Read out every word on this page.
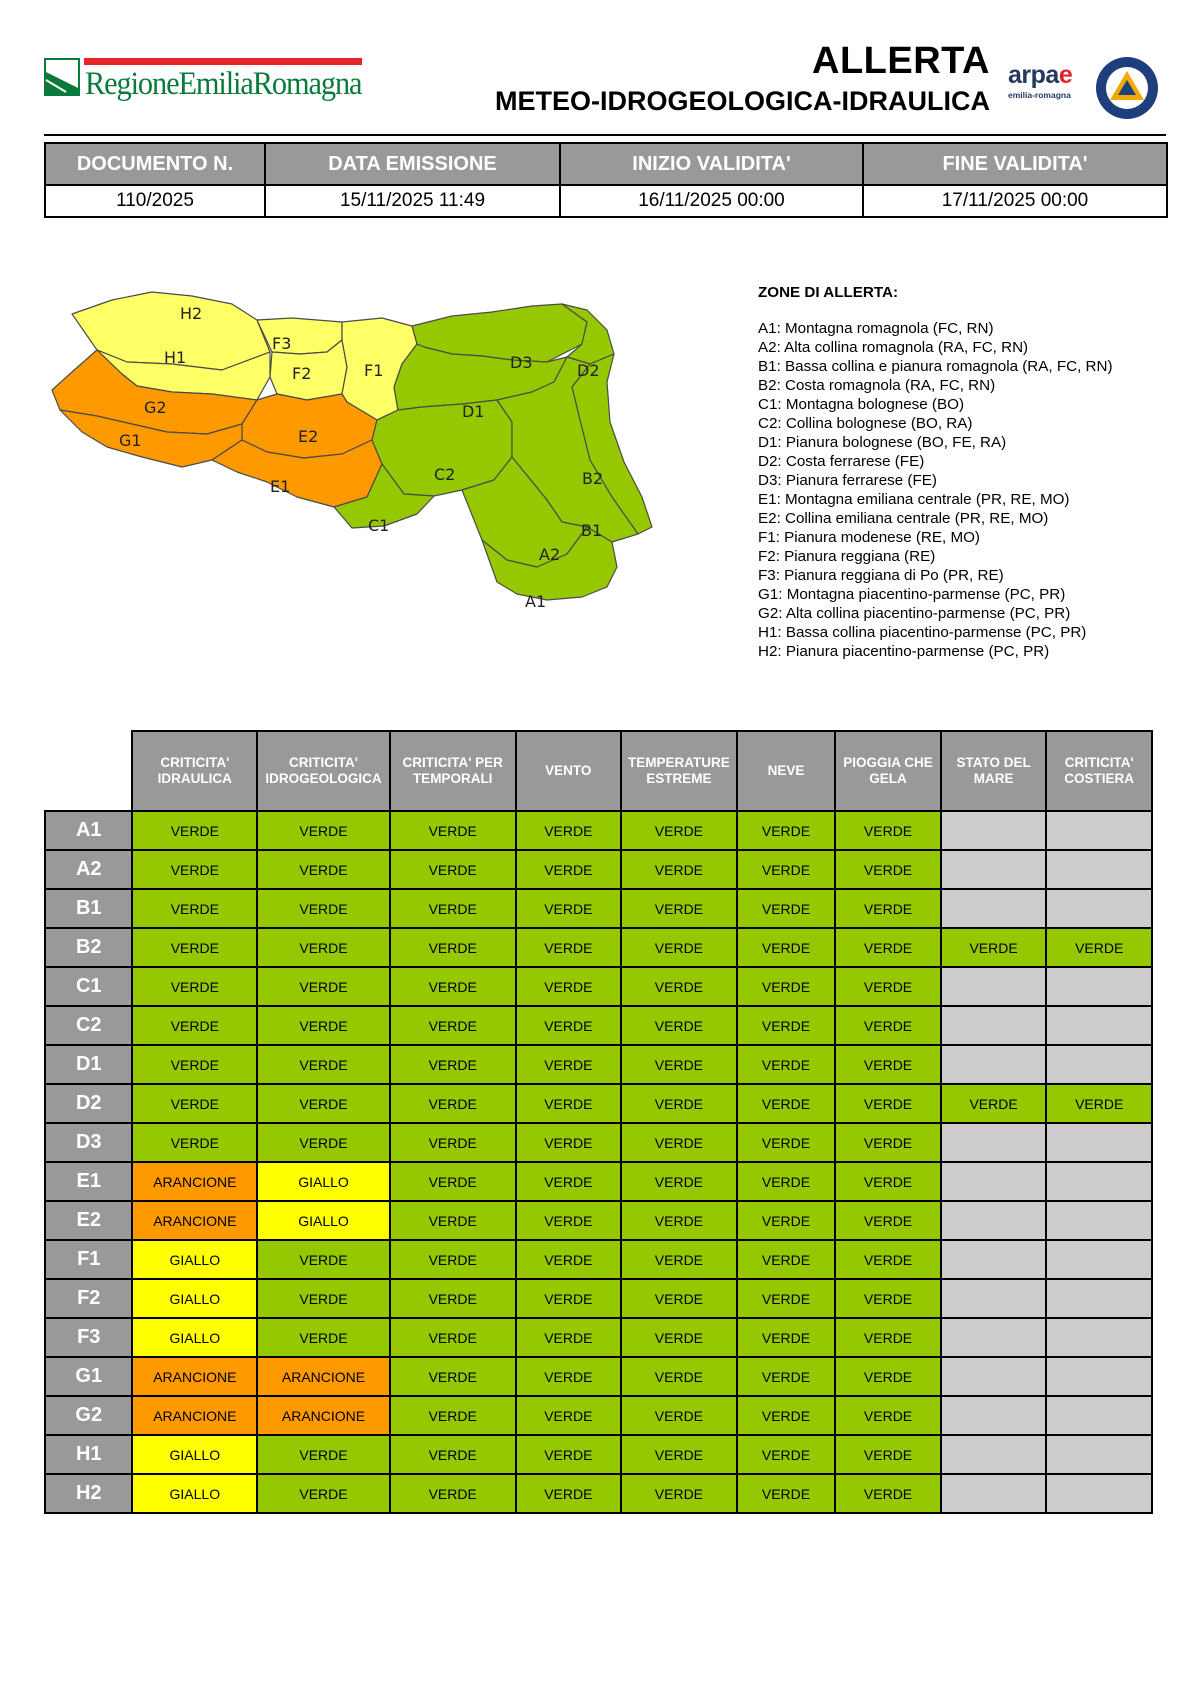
RegioneEmiliaRomagna
ALLERTA
METEO-IDROGEOLOGICA-IDRAULICA
arpae
emilia-romagna
DOCUMENTO N.	DATA EMISSIONE	INIZIO VALIDITA'	FINE VALIDITA'
110/2025	15/11/2025 11:49	16/11/2025 00:00	17/11/2025 00:00
H2
H1
G2
G1
F3
F2	F1
E2
E1
D3	D2
D1
C2
C1
B2
B1
A2
A1
ZONE DI ALLERTA:
A1: Montagna romagnola (FC, RN)
A2: Alta collina romagnola (RA, FC, RN)
B1: Bassa collina e pianura romagnola (RA, FC, RN)
B2: Costa romagnola (RA, FC, RN)
C1: Montagna bolognese (BO)
C2: Collina bolognese (BO, RA)
D1: Pianura bolognese (BO, FE, RA)
D2: Costa ferrarese (FE)
D3: Pianura ferrarese (FE)
E1: Montagna emiliana centrale (PR, RE, MO)
E2: Collina emiliana centrale (PR, RE, MO)
F1: Pianura modenese (RE, MO)
F2: Pianura reggiana (RE)
F3: Pianura reggiana di Po (PR, RE)
G1: Montagna piacentino-parmense (PC, PR)
G2: Alta collina piacentino-parmense (PC, PR)
H1: Bassa collina piacentino-parmense (PC, PR)
H2: Pianura piacentino-parmense (PC, PR)
	CRITICITA' IDRAULICA	CRITICITA' IDROGEOLOGICA	CRITICITA' PER TEMPORALI	VENTO	TEMPERATURE ESTREME	NEVE	PIOGGIA CHE GELA	STATO DEL MARE	CRITICITA' COSTIERA
A1	VERDE	VERDE	VERDE	VERDE	VERDE	VERDE	VERDE		
A2	VERDE	VERDE	VERDE	VERDE	VERDE	VERDE	VERDE		
B1	VERDE	VERDE	VERDE	VERDE	VERDE	VERDE	VERDE		
B2	VERDE	VERDE	VERDE	VERDE	VERDE	VERDE	VERDE	VERDE	VERDE
C1	VERDE	VERDE	VERDE	VERDE	VERDE	VERDE	VERDE		
C2	VERDE	VERDE	VERDE	VERDE	VERDE	VERDE	VERDE		
D1	VERDE	VERDE	VERDE	VERDE	VERDE	VERDE	VERDE		
D2	VERDE	VERDE	VERDE	VERDE	VERDE	VERDE	VERDE	VERDE	VERDE
D3	VERDE	VERDE	VERDE	VERDE	VERDE	VERDE	VERDE		
E1	ARANCIONE	GIALLO	VERDE	VERDE	VERDE	VERDE	VERDE		
E2	ARANCIONE	GIALLO	VERDE	VERDE	VERDE	VERDE	VERDE		
F1	GIALLO	VERDE	VERDE	VERDE	VERDE	VERDE	VERDE		
F2	GIALLO	VERDE	VERDE	VERDE	VERDE	VERDE	VERDE		
F3	GIALLO	VERDE	VERDE	VERDE	VERDE	VERDE	VERDE		
G1	ARANCIONE	ARANCIONE	VERDE	VERDE	VERDE	VERDE	VERDE		
G2	ARANCIONE	ARANCIONE	VERDE	VERDE	VERDE	VERDE	VERDE		
H1	GIALLO	VERDE	VERDE	VERDE	VERDE	VERDE	VERDE		
H2	GIALLO	VERDE	VERDE	VERDE	VERDE	VERDE	VERDE		
